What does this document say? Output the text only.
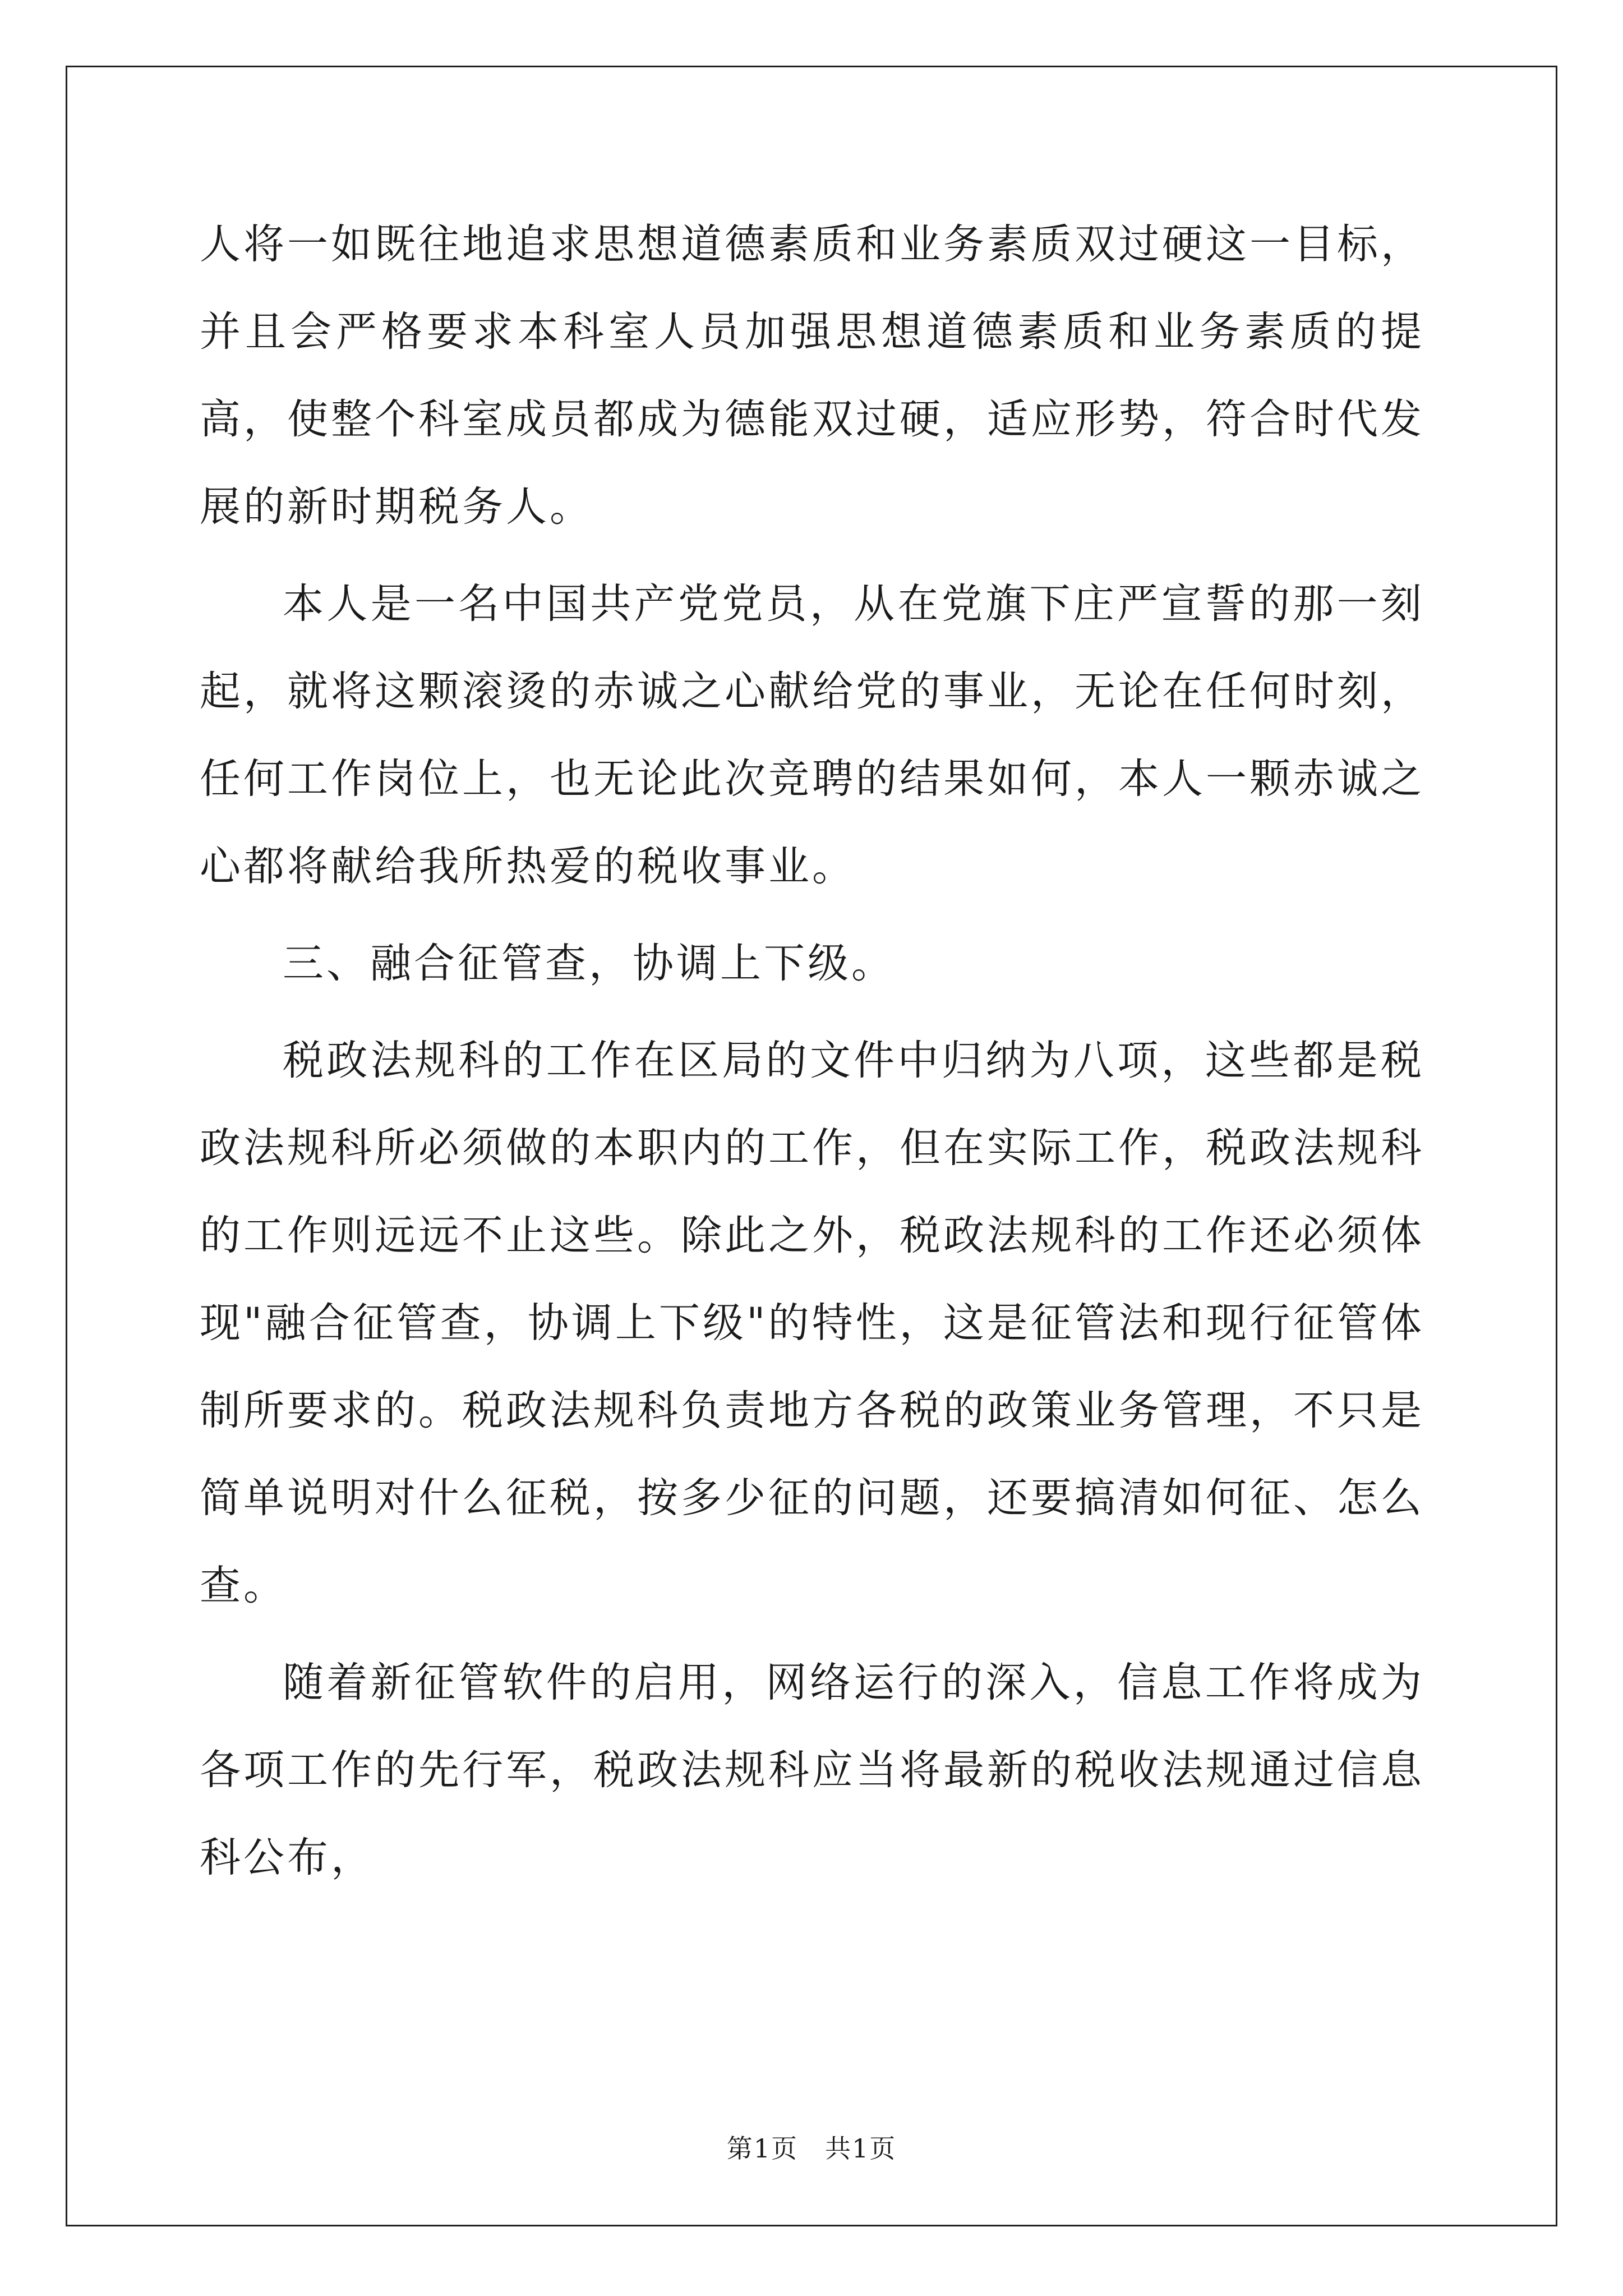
人将一如既往地追求思想道德素质和业务素质双过硬这一目标，并且会严格要求本科室人员加强思想道德素质和业务素质的提高，使整个科室成员都成为德能双过硬，适应形势，符合时代发展的新时期税务人。

本人是一名中国共产党党员，从在党旗下庄严宣誓的那一刻起，就将这颗滚烫的赤诚之心献给党的事业，无论在任何时刻，任何工作岗位上，也无论此次竞聘的结果如何，本人一颗赤诚之心都将献给我所热爱的税收事业。

三、融合征管查，协调上下级。

税政法规科的工作在区局的文件中归纳为八项，这些都是税政法规科所必须做的本职内的工作，但在实际工作，税政法规科的工作则远远不止这些。除此之外，税政法规科的工作还必须体现"融合征管查，协调上下级"的特性，这是征管法和现行征管体制所要求的。税政法规科负责地方各税的政策业务管理，不只是简单说明对什么征税，按多少征的问题，还要搞清如何征、怎么查。

随着新征管软件的启用，网络运行的深入，信息工作将成为各项工作的先行军，税政法规科应当将最新的税收法规通过信息科公布，

第1页　共1页
